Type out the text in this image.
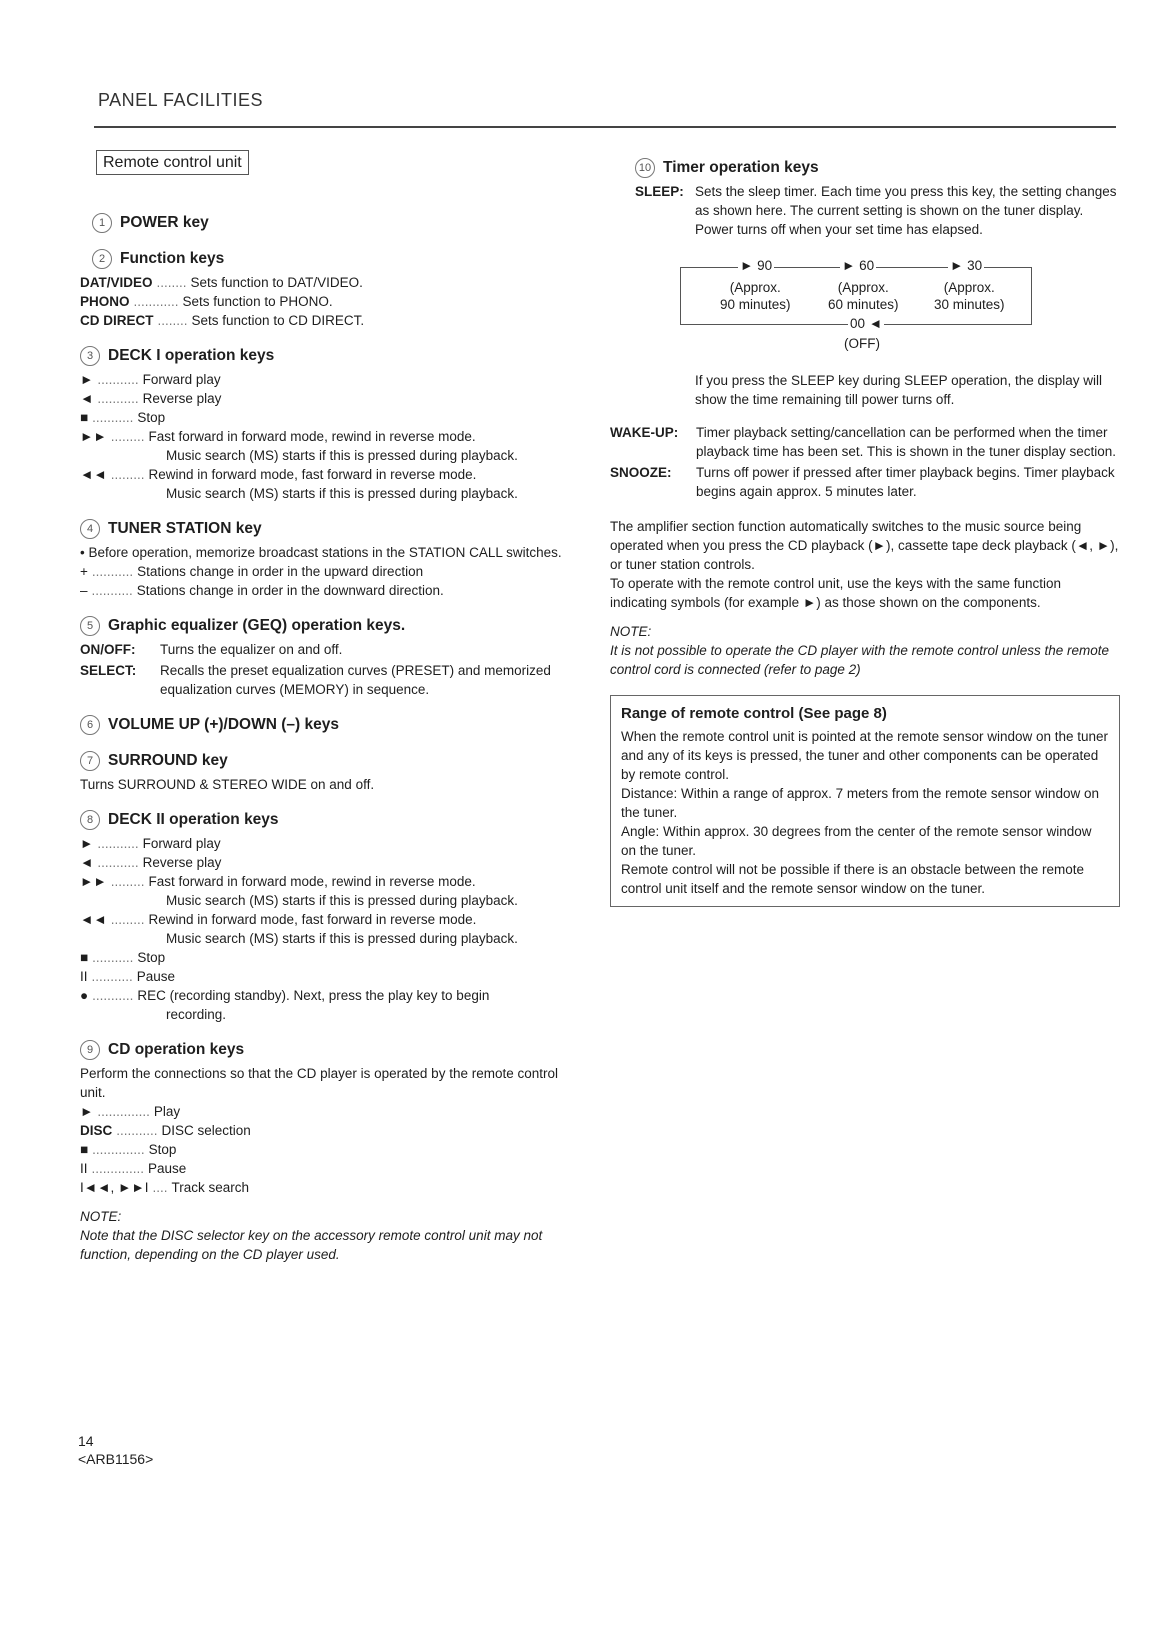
PANEL FACILITIES
Remote control unit
1 POWER key
2 Function keys
DAT/VIDEO ........ Sets function to DAT/VIDEO.
PHONO ............ Sets function to PHONO.
CD DIRECT ........ Sets function to CD DIRECT.
3 DECK I operation keys
► ........... Forward play
◄ ........... Reverse play
■ ........... Stop
►► ......... Fast forward in forward mode, rewind in reverse mode.
Music search (MS) starts if this is pressed during playback.
◄◄ ......... Rewind in forward mode, fast forward in reverse mode.
Music search (MS) starts if this is pressed during playback.
4 TUNER STATION key
• Before operation, memorize broadcast stations in the STATION CALL switches.
+ ........... Stations change in order in the upward direction
– ........... Stations change in order in the downward direction.
5 Graphic equalizer (GEQ) operation keys.
ON/OFF:	Turns the equalizer on and off.
SELECT:	Recalls the preset equalization curves (PRESET) and memorized equalization curves (MEMORY) in sequence.
6 VOLUME UP (+)/DOWN (–) keys
7 SURROUND key
Turns SURROUND & STEREO WIDE on and off.
8 DECK II operation keys
► ........... Forward play
◄ ........... Reverse play
►► ......... Fast forward in forward mode, rewind in reverse mode.
Music search (MS) starts if this is pressed during playback.
◄◄ ......... Rewind in forward mode, fast forward in reverse mode.
Music search (MS) starts if this is pressed during playback.
■ ........... Stop
II ........... Pause
● ........... REC (recording standby). Next, press the play key to begin
recording.
9 CD operation keys
Perform the connections so that the CD player is operated by the remote control unit.
► .............. Play
DISC ........... DISC selection
■ .............. Stop
II .............. Pause
I◄◄, ►►I .... Track search
NOTE:
Note that the DISC selector key on the accessory remote control unit may not function, depending on the CD player used.
10 Timer operation keys
SLEEP: Sets the sleep timer. Each time you press this key, the setting changes as shown here. The current setting is shown on the tuner display.
Power turns off when your set time has elapsed.
► 90	► 60	► 30
(Approx.
90 minutes)
(Approx.
60 minutes)
(Approx.
30 minutes)
00 ◄
(OFF)
If you press the SLEEP key during SLEEP operation, the display will show the time remaining till power turns off.
WAKE-UP:	Timer playback setting/cancellation can be performed when the timer playback time has been set. This is shown in the tuner display section.
SNOOZE:	Turns off power if pressed after timer playback begins. Timer playback begins again approx. 5 minutes later.
The amplifier section function automatically switches to the music source being operated when you press the CD playback (►), cassette tape deck playback (◄, ►), or tuner station controls.
To operate with the remote control unit, use the keys with the same function indicating symbols (for example ►) as those shown on the components.
NOTE:
It is not possible to operate the CD player with the remote control unless the remote control cord is connected (refer to page 2)
Range of remote control (See page 8)
When the remote control unit is pointed at the remote sensor window on the tuner and any of its keys is pressed, the tuner and other components can be operated by remote control.
Distance: Within a range of approx. 7 meters from the remote sensor window on the tuner.
Angle: Within approx. 30 degrees from the center of the remote sensor window on the tuner.
Remote control will not be possible if there is an obstacle between the remote control unit itself and the remote sensor window on the tuner.
14
<ARB1156>
